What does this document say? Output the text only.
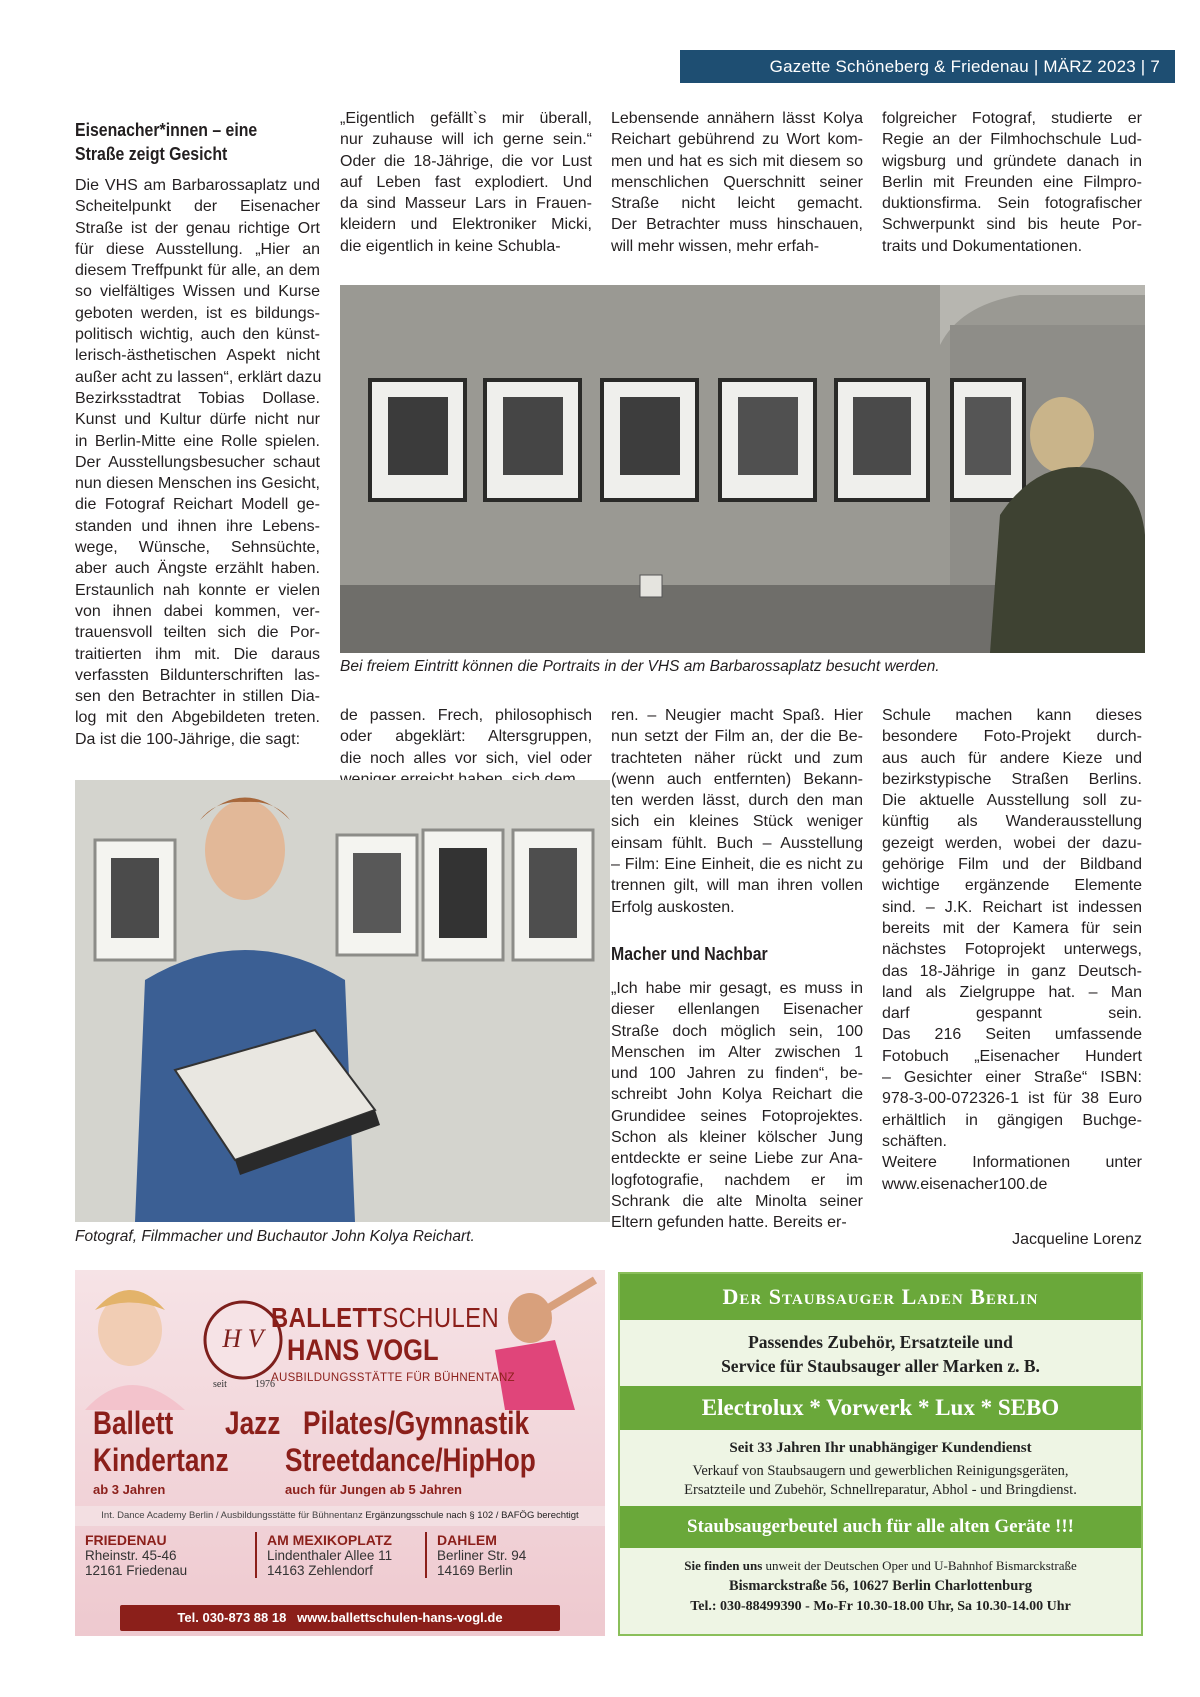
Gazette Schöneberg & Friedenau | MÄRZ 2023 | 7
Eisenacher*innen – eine
Straße zeigt Gesicht
Die VHS am Barbarossaplatz und
Scheitelpunkt der Eisenacher
Straße ist der genau richtige Ort
für diese Ausstellung. „Hier an
diesem Treffpunkt für alle, an dem
so vielfältiges Wissen und Kurse
geboten werden, ist es bildungs-
politisch wichtig, auch den künst-
lerisch-ästhetischen Aspekt nicht
außer acht zu lassen“, erklärt dazu
Bezirksstadtrat Tobias Dollase.
Kunst und Kultur dürfe nicht nur
in Berlin-Mitte eine Rolle spielen.
Der Ausstellungsbesucher schaut
nun diesen Menschen ins Gesicht,
die Fotograf Reichart Modell ge-
standen und ihnen ihre Lebens-
wege, Wünsche, Sehnsüchte,
aber auch Ängste erzählt haben.
Erstaunlich nah konnte er vielen
von ihnen dabei kommen, ver-
trauensvoll teilten sich die Por-
traitierten ihm mit. Die daraus
verfassten Bildunterschriften las-
sen den Betrachter in stillen Dia-
log mit den Abgebildeten treten.
Da ist die 100-Jährige, die sagt:
„Eigentlich gefällt`s mir überall,
nur zuhause will ich gerne sein.“
Oder die 18-Jährige, die vor Lust
auf Leben fast explodiert. Und
da sind Masseur Lars in Frauen-
kleidern und Elektroniker Micki,
die eigentlich in keine Schubla-
Lebensende annähern lässt Kolya
Reichart gebührend zu Wort kom-
men und hat es sich mit diesem so
menschlichen Querschnitt seiner
Straße nicht leicht gemacht.
Der Betrachter muss hinschauen,
will mehr wissen, mehr erfah-
folgreicher Fotograf, studierte er
Regie an der Filmhochschule Lud-
wigsburg und gründete danach in
Berlin mit Freunden eine Filmpro-
duktionsfirma. Sein fotografischer
Schwerpunkt sind bis heute Por-
traits und Dokumentationen.
Bei freiem Eintritt können die Portraits in der VHS am Barbarossaplatz besucht werden.
de passen. Frech, philosophisch
oder abgeklärt: Altersgruppen,
die noch alles vor sich, viel oder
Fotograf, Filmmacher und Buchautor John Kolya Reichart.
ren. – Neugier macht Spaß. Hier
nun setzt der Film an, der die Be-
trachteten näher rückt und zum
(wenn auch entfernten) Bekann-
ten werden lässt, durch den man
sich ein kleines Stück weniger
einsam fühlt. Buch – Ausstellung
– Film: Eine Einheit, die es nicht zu
trennen gilt, will man ihren vollen
Erfolg auskosten.
Macher und Nachbar
„Ich habe mir gesagt, es muss in
dieser ellenlangen Eisenacher
Straße doch möglich sein, 100
Menschen im Alter zwischen 1
und 100 Jahren zu finden“, be-
schreibt John Kolya Reichart die
Grundidee seines Fotoprojektes.
Schon als kleiner kölscher Jung
entdeckte er seine Liebe zur Ana-
logfotografie, nachdem er im
Schrank die alte Minolta seiner
Eltern gefunden hatte. Bereits er-
Schule machen kann dieses
besondere Foto-Projekt durch-
aus auch für andere Kieze und
bezirkstypische Straßen Berlins.
Die aktuelle Ausstellung soll zu-
künftig als Wanderausstellung
gezeigt werden, wobei der dazu-
gehörige Film und der Bildband
wichtige ergänzende Elemente
sind. – J.K. Reichart ist indessen
bereits mit der Kamera für sein
nächstes Fotoprojekt unterwegs,
das 18-Jährige in ganz Deutsch-
land als Zielgruppe hat. – Man
darf gespannt sein.
Das 216 Seiten umfassende
Fotobuch „Eisenacher Hundert
– Gesichter einer Straße“ ISBN:
978-3-00-072326-1 ist für 38 Euro
erhältlich in gängigen Buchge-
schäften.
Weitere Informationen unter
www.eisenacher100.de
Jacqueline Lorenz
H V
seit	1976
BALLETTSCHULEN
HANS VOGL
AUSBILDUNGSSTÄTTE FÜR BÜHNENTANZ
Ballett Jazz Pilates/Gymnastik
Kindertanz Streetdance/HipHop
ab 3 Jahren	auch für Jungen ab 5 Jahren
Int. Dance Academy Berlin / Ausbildungsstätte für Bühnentanz Ergänzungsschule nach § 102 / BAFÖG berechtigt
FRIEDENAU
Rheinstr. 45-46
12161 Friedenau
AM MEXIKOPLATZ
Lindenthaler Allee 11
14163 Zehlendorf
DAHLEM
Berliner Str. 94
14169 Berlin
Tel. 030-873 88 18 www.ballettschulen-hans-vogl.de
Der Staubsauger Laden Berlin
Passendes Zubehör, Ersatzteile und
Service für Staubsauger aller Marken z. B.
Electrolux * Vorwerk * Lux * SEBO
Seit 33 Jahren Ihr unabhängiger Kundendienst
Verkauf von Staubsaugern und gewerblichen Reinigungsgeräten,
Ersatzteile und Zubehör, Schnellreparatur, Abhol - und Bringdienst.
Staubsaugerbeutel auch für alle alten Geräte !!!
Sie finden uns unweit der Deutschen Oper und U-Bahnhof Bismarckstraße
Bismarckstraße 56, 10627 Berlin Charlottenburg
Tel.: 030-88499390 - Mo-Fr 10.30-18.00 Uhr, Sa 10.30-14.00 Uhr
